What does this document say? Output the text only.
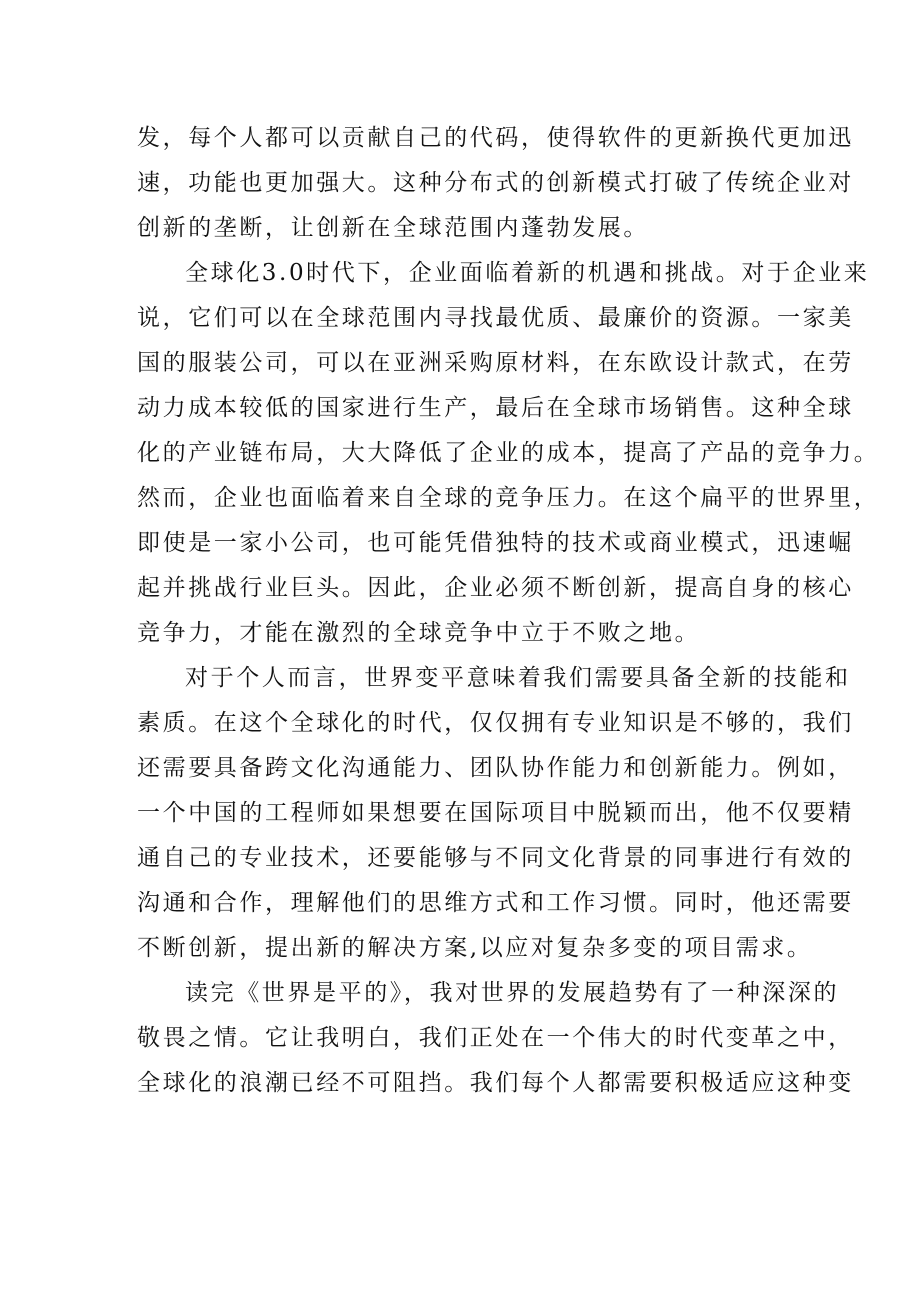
发，每个人都可以贡献自己的代码，使得软件的更新换代更加迅
速，功能也更加强大。这种分布式的创新模式打破了传统企业对
创新的垄断，让创新在全球范围内蓬勃发展。
全球化3.0时代下，企业面临着新的机遇和挑战。对于企业来
说，它们可以在全球范围内寻找最优质、最廉价的资源。一家美
国的服装公司，可以在亚洲采购原材料，在东欧设计款式，在劳
动力成本较低的国家进行生产，最后在全球市场销售。这种全球
化的产业链布局，大大降低了企业的成本，提高了产品的竞争力。
然而，企业也面临着来自全球的竞争压力。在这个扁平的世界里，
即使是一家小公司，也可能凭借独特的技术或商业模式，迅速崛
起并挑战行业巨头。因此，企业必须不断创新，提高自身的核心
竞争力，才能在激烈的全球竞争中立于不败之地。
对于个人而言，世界变平意味着我们需要具备全新的技能和
素质。在这个全球化的时代，仅仅拥有专业知识是不够的，我们
还需要具备跨文化沟通能力、团队协作能力和创新能力。例如，
一个中国的工程师如果想要在国际项目中脱颖而出，他不仅要精
通自己的专业技术，还要能够与不同文化背景的同事进行有效的
沟通和合作，理解他们的思维方式和工作习惯。同时，他还需要
不断创新，提出新的解决方案,以应对复杂多变的项目需求。
读完《世界是平的》，我对世界的发展趋势有了一种深深的
敬畏之情。它让我明白，我们正处在一个伟大的时代变革之中，
全球化的浪潮已经不可阻挡。我们每个人都需要积极适应这种变
